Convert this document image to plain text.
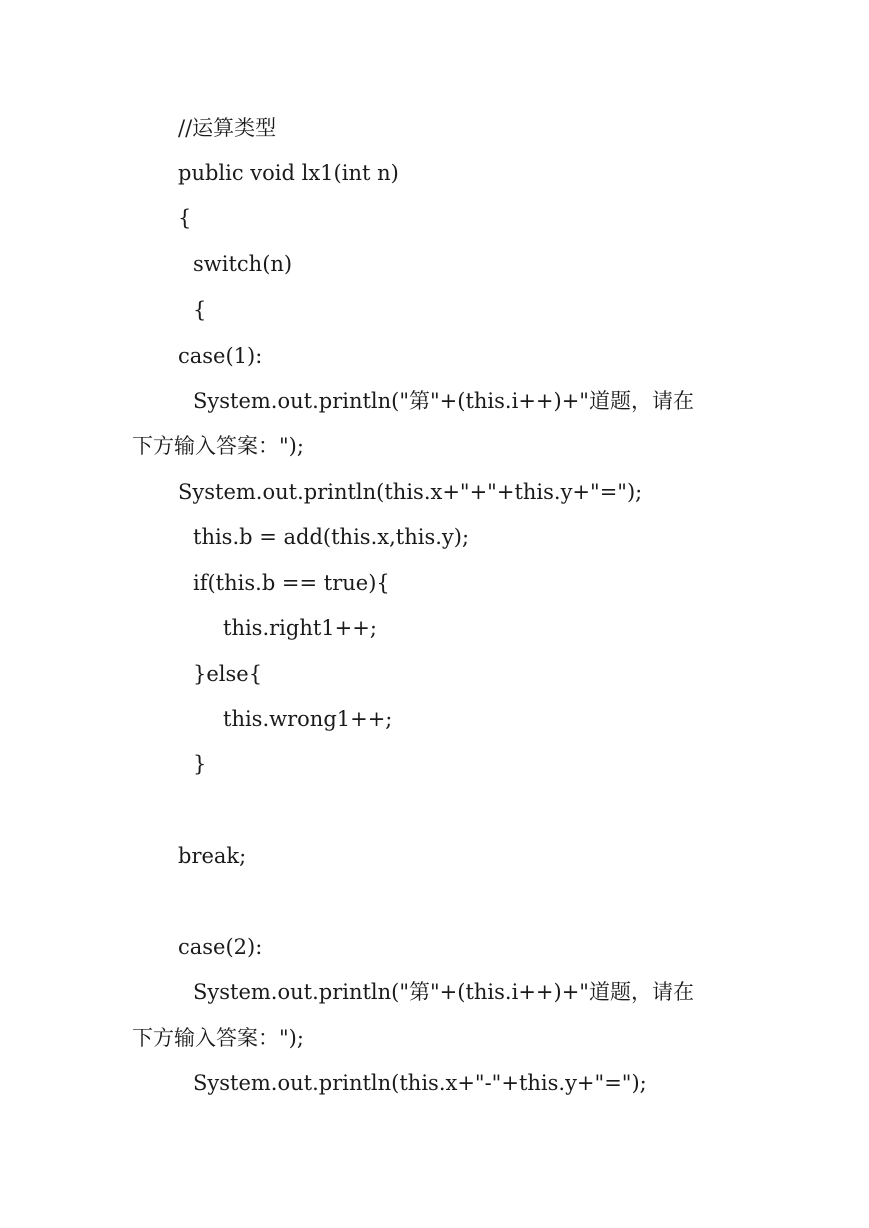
//运算类型
public void lx1(int n)
{
switch(n)
{
case(1):
System.out.println("第"+(this.i++)+"道题，请在
下方输入答案：");
System.out.println(this.x+"+"+this.y+"=");
this.b = add(this.x,this.y);
if(this.b == true){
this.right1++;
}else{
this.wrong1++;
}
break;
case(2):
System.out.println("第"+(this.i++)+"道题，请在
下方输入答案：");
System.out.println(this.x+"-"+this.y+"=");
